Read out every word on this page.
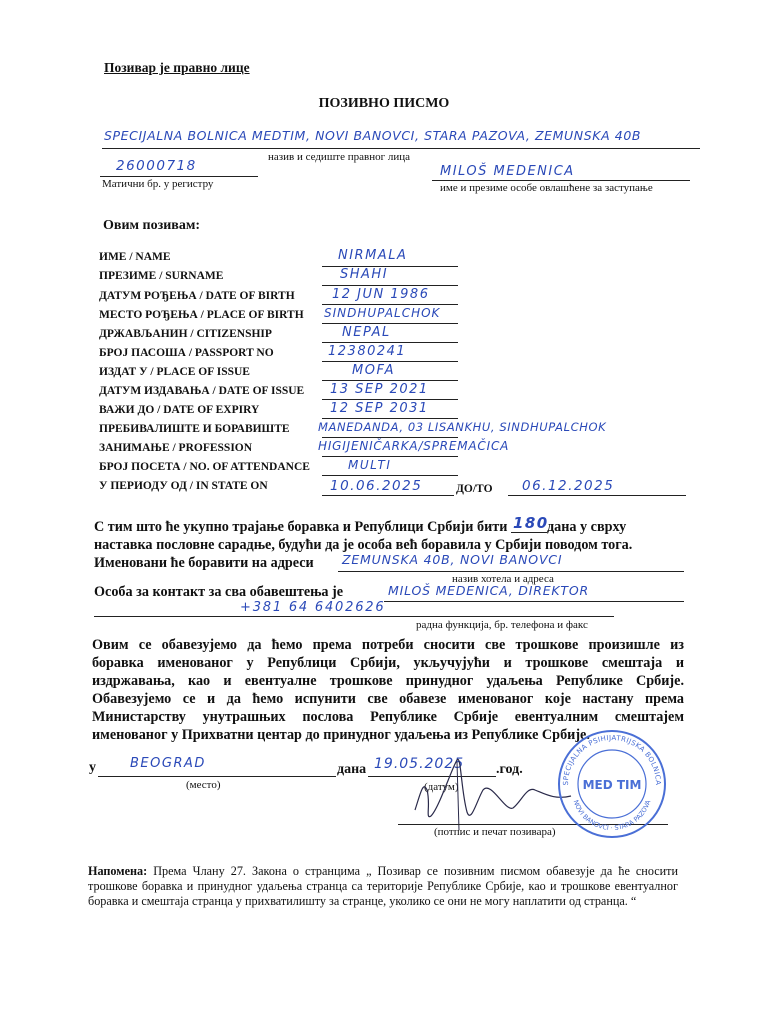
Позивар је правно лице
ПОЗИВНО ПИСМО
SPECIJALNA BOLNICA MEDTIM, NOVI BANOVCI, STARA PAZOVA, ZEMUNSKA 40B
назив и седиште правног лица
26000718
Матични бр. у регистру
MILOŠ MEDENICA
име и презиме особе овлашћене за заступање
Овим позивам:
ИМЕ / NAME	NIRMALA
ПРЕЗИМЕ / SURNAME	SHAHI
ДАТУМ РОЂЕЊА / DATE OF BIRTH	12 JUN 1986
МЕСТО РОЂЕЊА / PLACE OF BIRTH SINDHUPALCHOK
ДРЖАВЉАНИН / CITIZENSHIP	NEPAL
БРОЈ ПАСОША / PASSPORT NO	12380241
ИЗДАТ У / PLACE OF ISSUE	MOFA
ДАТУМ ИЗДАВАЊА / DATE OF ISSUE 13 SEP 2021
ВАЖИ ДО / DATE OF EXPIRY	12 SEP 2031
ПРЕБИВАЛИШТЕ И БОРАВИШТЕ MANEDANDA, 03 LISANKHU, SINDHUPALCHOK
ЗАНИМАЊЕ / PROFESSION	HIGIJENIČARKA/SPREMAČICA
БРОЈ ПОСЕТА / NO. OF ATTENDANCE	MULTI
У ПЕРИОДУ ОД / IN STATE ON	10.06.2025	ДО/ТО 06.12.2025
С тим што ће укупно трајање боравка и Републици Србији бити 180
дана у сврху
наставка пословне сарадње, будући да је особа већ боравила у Србији поводом тога.
Именовани ће боравити на адреси ZEMUNSKA 40B, NOVI BANOVCI
назив хотела и адреса
Особа за контакт за сва обавештења је	MILOŠ MEDENICA, DIREKTOR
+381 64 6402626
радна функција, бр. телефона и факс
Овим се обавезујемо да ћемо према потреби сносити све трошкове произишле из
боравка именованог у Републици Србији, укључујући и трошкове смештаја и
издржавања, као и евентуалне трошкове принудног удаљења Републике Србије.
Обавезујемо се и да ћемо испунити све обавезе именованог које настану према
Министарству унутрашњих послова Републике Србије евентуалним смештајем
именованог у Прихватни центар до принудног удаљења из Републике Србије.
у	BEOGRAD
(место)
дана 19.05.2025 .год.
(датум)
(потпис и печат позивара)
SPECIJALNA PSIHIJATRIJSKA BOLNICA
NOVI BANOVCI · STARA PAZOVA
MED TIM
Напомена: Према Члану 27. Закона о странцима „ Позивар се позивним писмом обавезује да ће сносити трошкове боравка и принудног удаљења странца са територије Републике Србије, као и трошкове евентуалног боравка и смештаја странца у прихватилишту за странце, уколико се они не могу наплатити од странца. “
